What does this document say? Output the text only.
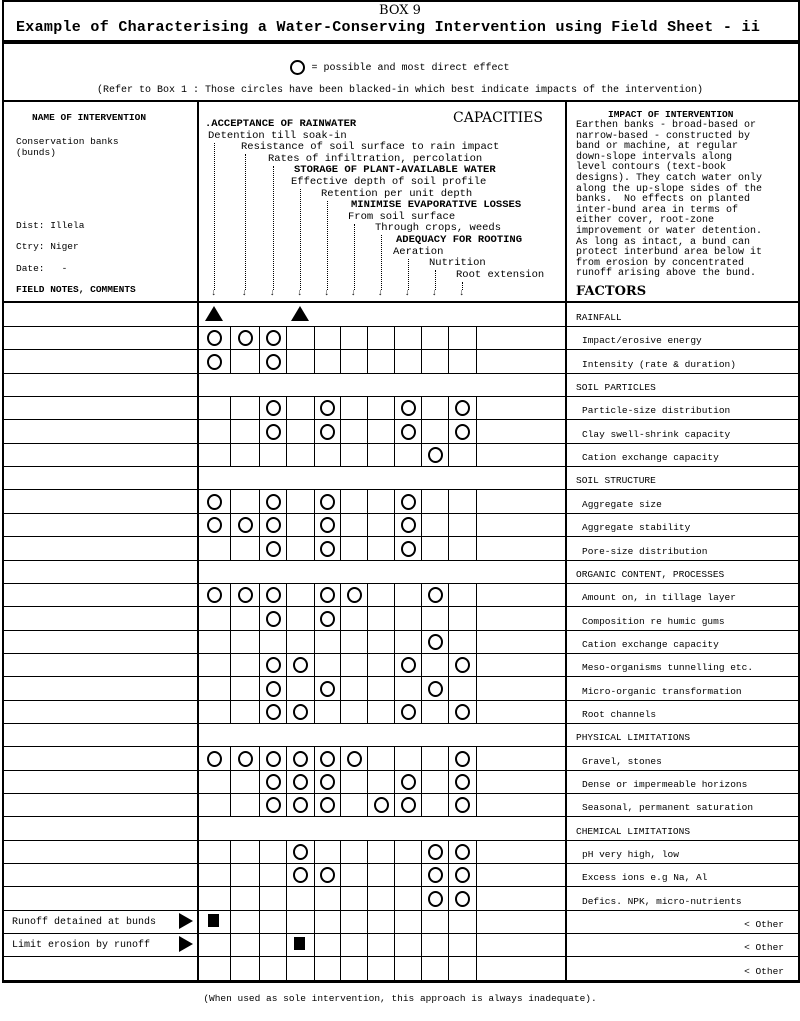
BOX 9
Example of Characterising a Water-Conserving Intervention using Field Sheet - ii
= possible and most direct effect
(Refer to Box 1 : Those circles have been blacked-in which best indicate impacts of the intervention)
NAME OF INTERVENTION
Conservation banks
(bunds)
Dist: Illela
Ctry: Niger
Date:   -
FIELD NOTES, COMMENTS
CAPACITIES
.ACCEPTANCE OF RAINWATER
Detention till soak-in
↓
Resistance of soil surface to rain impact
↓
Rates of infiltration, percolation
↓
STORAGE OF PLANT-AVAILABLE WATER
Effective depth of soil profile
↓
Retention per unit depth
↓
MINIMISE EVAPORATIVE LOSSES
From soil surface
↓
Through crops, weeds
↓
ADEQUACY FOR ROOTING
Aeration
↓
Nutrition
↓
Root extension
↓
IMPACT OF INTERVENTION
Earthen banks - broad-based or
narrow-based - constructed by
band or machine, at regular
down-slope intervals along
level contours (text-book
designs). They catch water only
along the up-slope sides of the
banks.  No effects on planted
inter-bund area in terms of
either cover, root-zone
improvement or water detention.
As long as intact, a bund can
protect interbund area below it
from erosion by concentrated
runoff arising above the bund.
FACTORS
RAINFALL
Impact/erosive energy
Intensity (rate & duration)
SOIL PARTICLES
Particle-size distribution
Clay swell-shrink capacity
Cation exchange capacity
SOIL STRUCTURE
Aggregate size
Aggregate stability
Pore-size distribution
ORGANIC CONTENT, PROCESSES
Amount on, in tillage layer
Composition re humic gums
Cation exchange capacity
Meso-organisms tunnelling etc.
Micro-organic transformation
Root channels
PHYSICAL LIMITATIONS
Gravel, stones
Dense or impermeable horizons
Seasonal, permanent saturation
CHEMICAL LIMITATIONS
pH very high, low
Excess ions e.g Na, Al
Defics. NPK, micro-nutrients
Runoff detained at bunds	< Other
Limit erosion by runoff	< Other
< Other
(When used as sole intervention, this approach is always inadequate).
